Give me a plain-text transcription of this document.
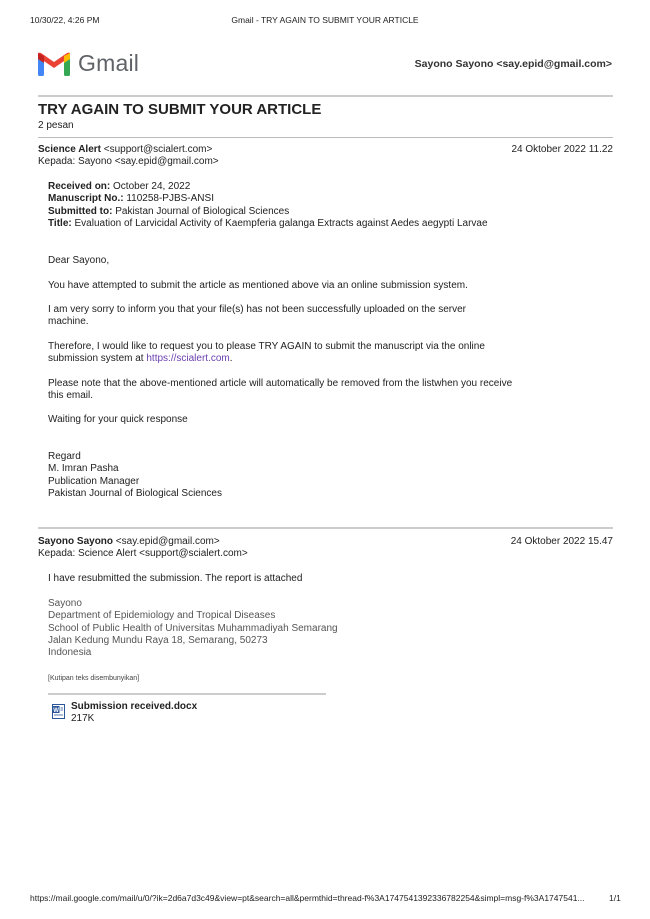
10/30/22, 4:26 PM	Gmail - TRY AGAIN TO SUBMIT YOUR ARTICLE
Gmail	Sayono Sayono <say.epid@gmail.com>
TRY AGAIN TO SUBMIT YOUR ARTICLE
2 pesan
Science Alert <support@scialert.com>
Kepada: Sayono <say.epid@gmail.com>
24 Oktober 2022 11.22

Received on: October 24, 2022

Manuscript No.: 110258-PJBS-ANSI

Submitted to: Pakistan Journal of Biological Sciences

Title: Evaluation of Larvicidal Activity of Kaempferia galanga Extracts against Aedes aegypti Larvae

Dear Sayono,
You have attempted to submit the article as mentioned above via an online submission system.
I am very sorry to inform you that your file(s) has not been successfully uploaded on the server machine.
Therefore, I would like to request you to please TRY AGAIN to submit the manuscript via the online submission system at https://scialert.com.
Please note that the above-mentioned article will automatically be removed from the listwhen you receive this email.
Waiting for your quick response

Regard

M. Imran Pasha

Publication Manager

Pakistan Journal of Biological Sciences

Sayono Sayono <say.epid@gmail.com>
Kepada: Science Alert <support@scialert.com>
24 Oktober 2022 15.47
I have resubmitted the submission. The report is attached

Sayono

Department of Epidemiology and Tropical Diseases

School of Public Health of Universitas Muhammadiyah Semarang

Jalan Kedung Mundu Raya 18, Semarang, 50273

Indonesia

[Kutipan teks disembunyikan]
W Submission received.docx
217K
https://mail.google.com/mail/u/0/?ik=2d6a7d3c49&view=pt&search=all&permthid=thread-f%3A1747541392336782254&simpl=msg-f%3A1747541...	1/1
